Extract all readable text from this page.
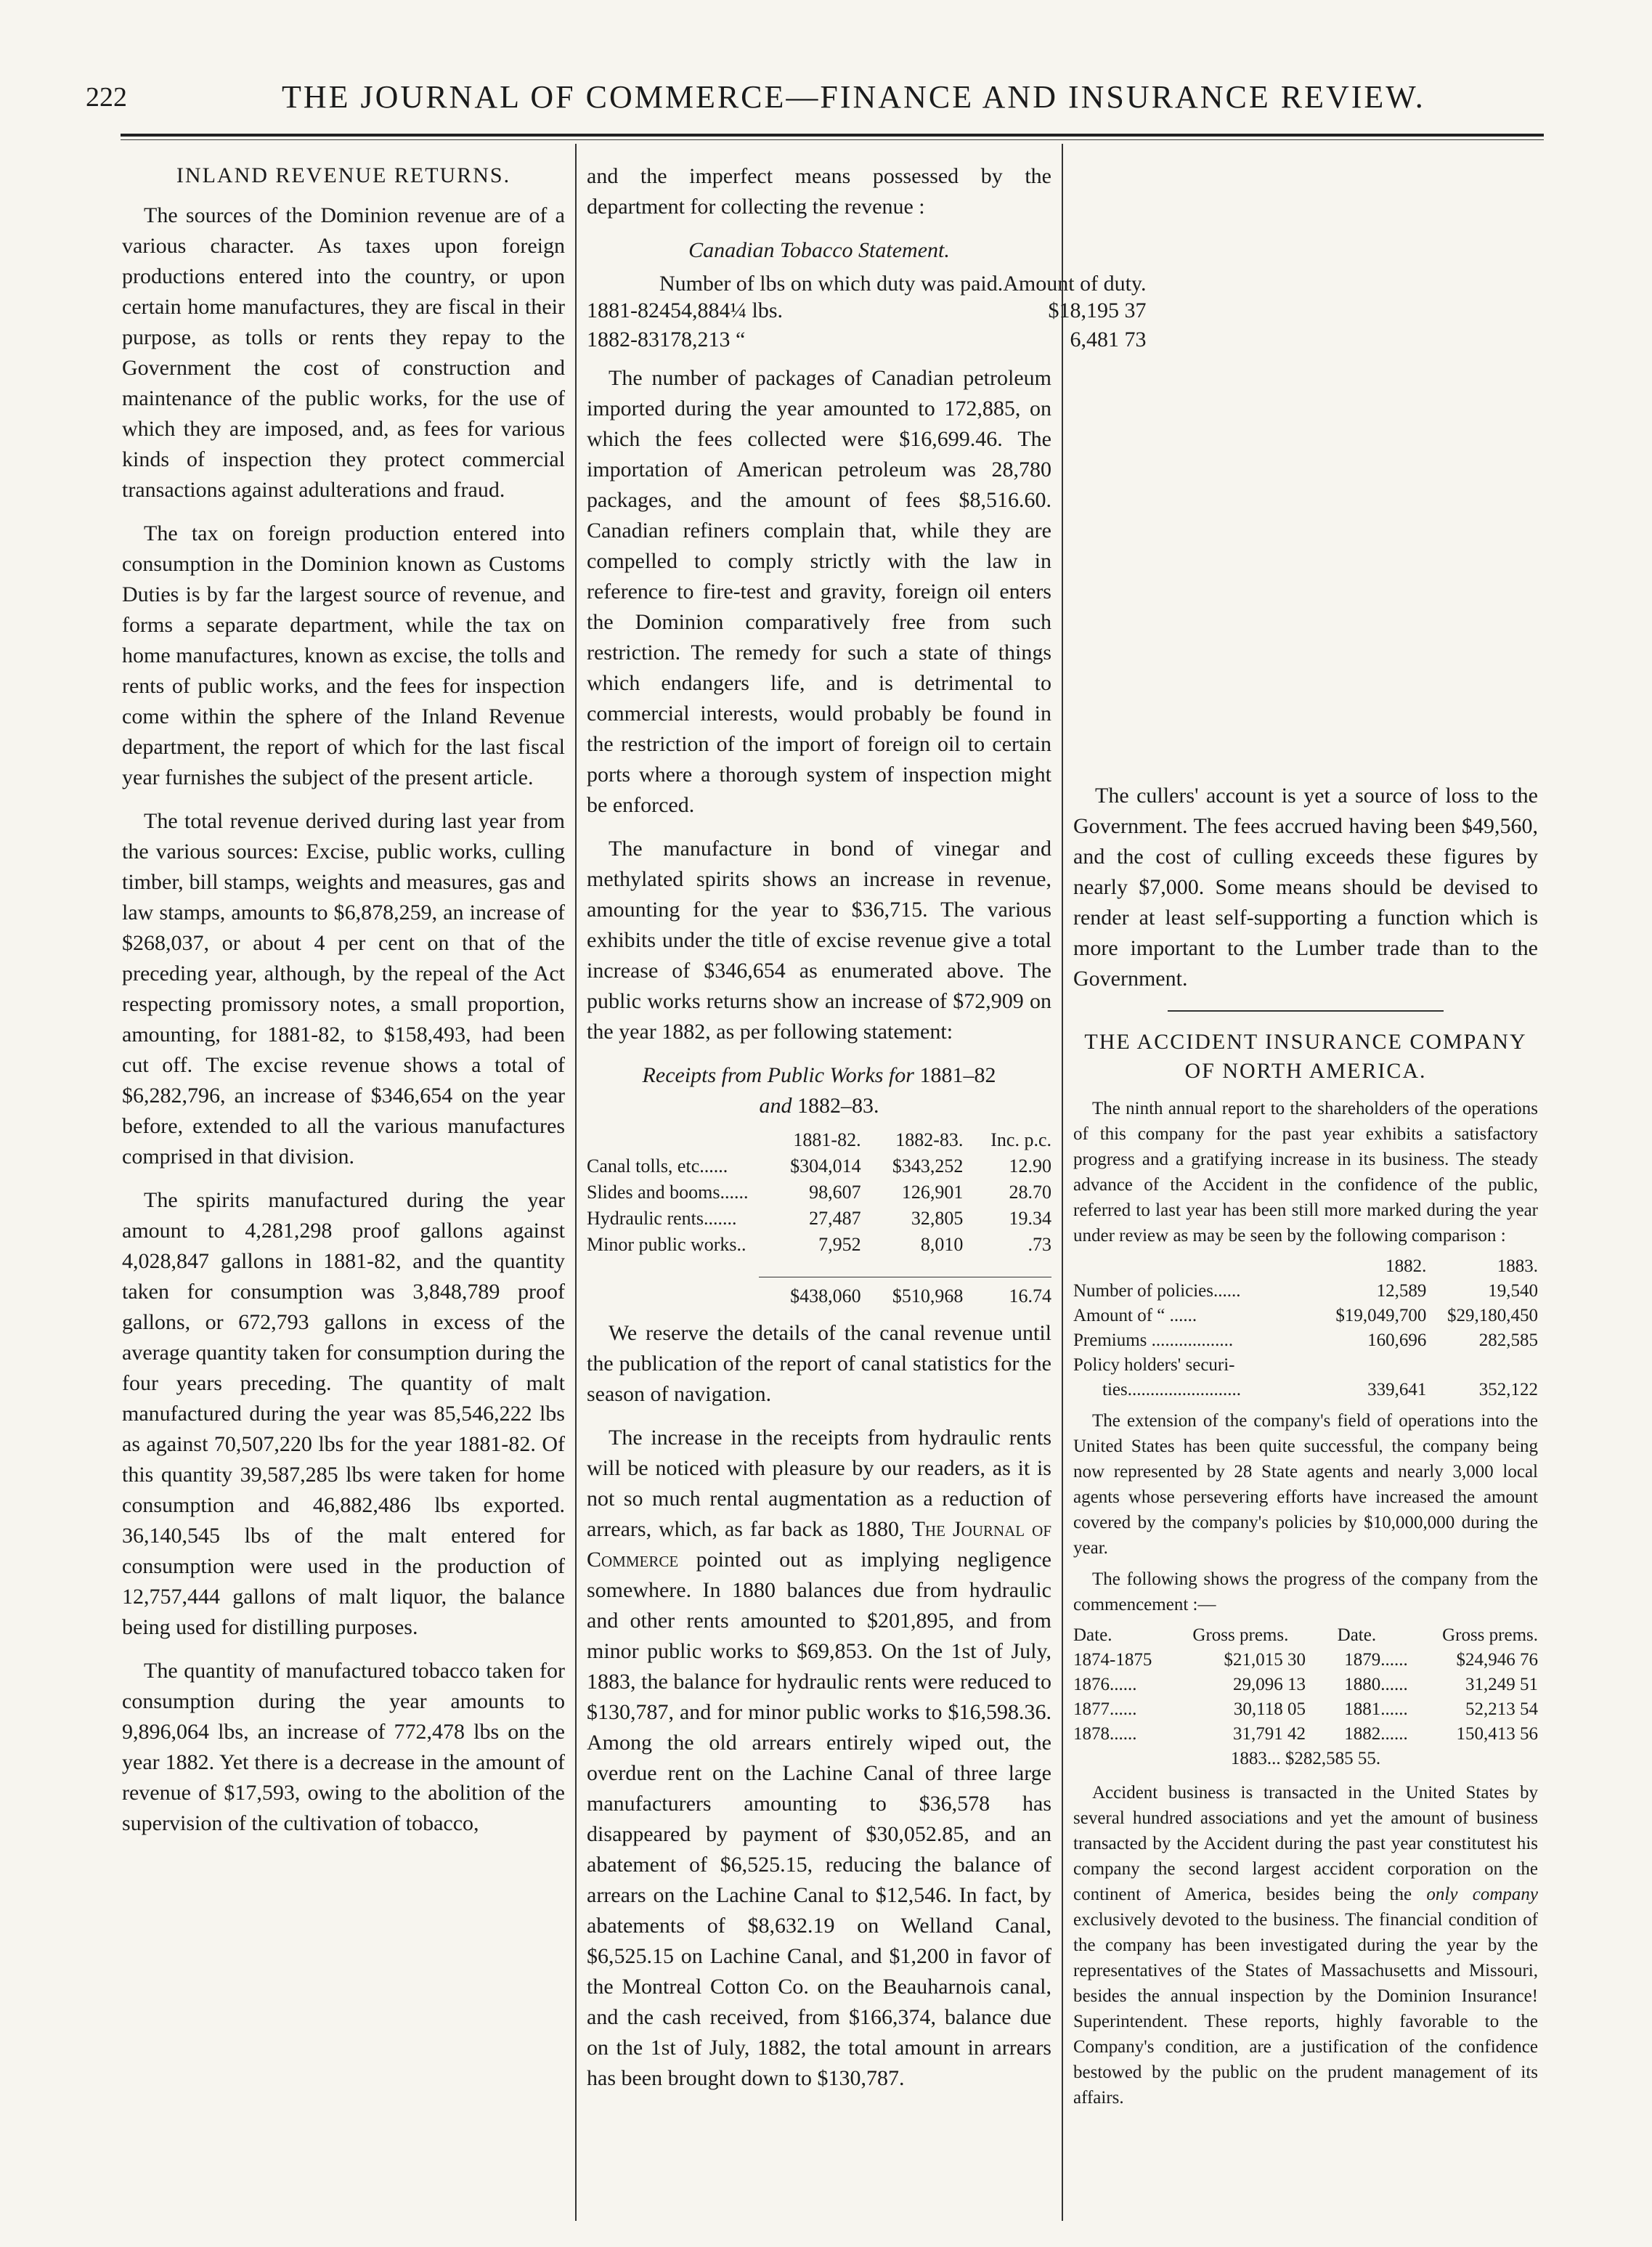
222	THE JOURNAL OF COMMERCE—FINANCE AND INSURANCE REVIEW.
INLAND REVENUE RETURNS.

The sources of the Dominion revenue are of a various character. As taxes upon foreign productions entered into the country, or upon certain home manufactures, they are fiscal in their purpose, as tolls or rents they repay to the Government the cost of construction and maintenance of the public works, for the use of which they are imposed, and, as fees for various kinds of inspection they protect commercial transactions against adulterations and fraud.

The tax on foreign production entered into consumption in the Dominion known as Customs Duties is by far the largest source of revenue, and forms a separate department, while the tax on home manufactures, known as excise, the tolls and rents of public works, and the fees for inspection come within the sphere of the Inland Revenue department, the report of which for the last fiscal year furnishes the subject of the present article.

The total revenue derived during last year from the various sources: Excise, public works, culling timber, bill stamps, weights and measures, gas and law stamps, amounts to $6,878,259, an increase of $268,037, or about 4 per cent on that of the preceding year, although, by the repeal of the Act respecting promissory notes, a small proportion, amounting, for 1881-82, to $158,493, had been cut off. The excise revenue shows a total of $6,282,796, an increase of $346,654 on the year before, extended to all the various manufactures comprised in that division.

The spirits manufactured during the year amount to 4,281,298 proof gallons against 4,028,847 gallons in 1881-82, and the quantity taken for consumption was 3,848,789 proof gallons, or 672,793 gallons in excess of the average quantity taken for consumption during the four years preceding. The quantity of malt manufactured during the year was 85,546,222 lbs as against 70,507,220 lbs for the year 1881-82. Of this quantity 39,587,285 lbs were taken for home consumption and 46,882,486 lbs exported. 36,140,545 lbs of the malt entered for consumption were used in the production of 12,757,444 gallons of malt liquor, the balance being used for distilling purposes.

The quantity of manufactured tobacco taken for consumption during the year amounts to 9,896,064 lbs, an increase of 772,478 lbs on the year 1882. Yet there is a decrease in the amount of revenue of $17,593, owing to the abolition of the supervision of the cultivation of tobacco,

and the imperfect means possessed by the department for collecting the revenue :

Canadian Tobacco Statement.
	Number of lbs on which duty was paid.	Amount of duty.
1881-82	454,884¼ lbs.	$18,195 37
1882-83	178,213 “	6,481 73

The number of packages of Canadian petroleum imported during the year amounted to 172,885, on which the fees collected were $16,699.46. The importation of American petroleum was 28,780 packages, and the amount of fees $8,516.60. Canadian refiners complain that, while they are compelled to comply strictly with the law in reference to fire-test and gravity, foreign oil enters the Dominion comparatively free from such restriction. The remedy for such a state of things which endangers life, and is detrimental to commercial interests, would probably be found in the restriction of the import of foreign oil to certain ports where a thorough system of inspection might be enforced.

The manufacture in bond of vinegar and methylated spirits shows an increase in revenue, amounting for the year to $36,715. The various exhibits under the title of excise revenue give a total increase of $346,654 as enumerated above. The public works returns show an increase of $72,909 on the year 1882, as per following statement:

Receipts from Public Works for 1881–82
and 1882–83.
	1881-82.	1882-83.	Inc. p.c.
Canal tolls, etc......	$304,014	$343,252	12.90
Slides and booms......	98,607	126,901	28.70
Hydraulic rents.......	27,487	32,805	19.34
Minor public works..	7,952	8,010	.73

	$438,060	$510,968	16.74

We reserve the details of the canal revenue until the publication of the report of canal statistics for the season of navigation.

The increase in the receipts from hydraulic rents will be noticed with pleasure by our readers, as it is not so much rental augmentation as a reduction of arrears, which, as far back as 1880, The Journal of Commerce pointed out as implying negligence somewhere. In 1880 balances due from hydraulic and other rents amounted to $201,895, and from minor public works to $69,853. On the 1st of July, 1883, the balance for hydraulic rents were reduced to $130,787, and for minor public works to $16,598.36. Among the old arrears entirely wiped out, the overdue rent on the Lachine Canal of three large manufacturers amounting to $36,578 has disappeared by payment of $30,052.85, and an abatement of $6,525.15, reducing the balance of arrears on the Lachine Canal to $12,546. In fact, by abatements of $8,632.19 on Welland Canal, $6,525.15 on Lachine Canal, and $1,200 in favor of the Montreal Cotton Co. on the Beauharnois canal, and the cash received, from $166,374, balance due on the 1st of July, 1882, the total amount in arrears has been brought down to $130,787.

The cullers' account is yet a source of loss to the Government. The fees accrued having been $49,560, and the cost of culling exceeds these figures by nearly $7,000. Some means should be devised to render at least self-supporting a function which is more important to the Lumber trade than to the Government.

THE ACCIDENT INSURANCE COMPANY OF NORTH AMERICA.

The ninth annual report to the shareholders of the operations of this company for the past year exhibits a satisfactory progress and a gratifying increase in its business. The steady advance of the Accident in the confidence of the public, referred to last year has been still more marked during the year under review as may be seen by the following comparison :

	1882.	1883.
Number of policies......	12,589	19,540
Amount of “ ......	$19,049,700	$29,180,450
Premiums ..................	160,696	282,585
Policy holders' securi-		
ties.........................	339,641	352,122

The extension of the company's field of operations into the United States has been quite successful, the company being now represented by 28 State agents and nearly 3,000 local agents whose persevering efforts have increased the amount covered by the company's policies by $10,000,000 during the year.

The following shows the progress of the company from the commencement :—

Date.	Gross prems.	Date.	Gross prems.
1874-1875	$21,015 30	1879......	$24,946 76
1876......	29,096 13	1880......	31,249 51
1877......	30,118 05	1881......	52,213 54
1878......	31,791 42	1882......	150,413 56
1883... $282,585 55.			

Accident business is transacted in the United States by several hundred associations and yet the amount of business transacted by the Accident during the past year constitutest his company the second largest accident corporation on the continent of America, besides being the only company exclusively devoted to the business. The financial condition of the company has been investigated during the year by the representatives of the States of Massachusetts and Missouri, besides the annual inspection by the Dominion Insurance! Superintendent. These reports, highly favorable to the Company's condition, are a justification of the confidence bestowed by the public on the prudent management of its affairs.
